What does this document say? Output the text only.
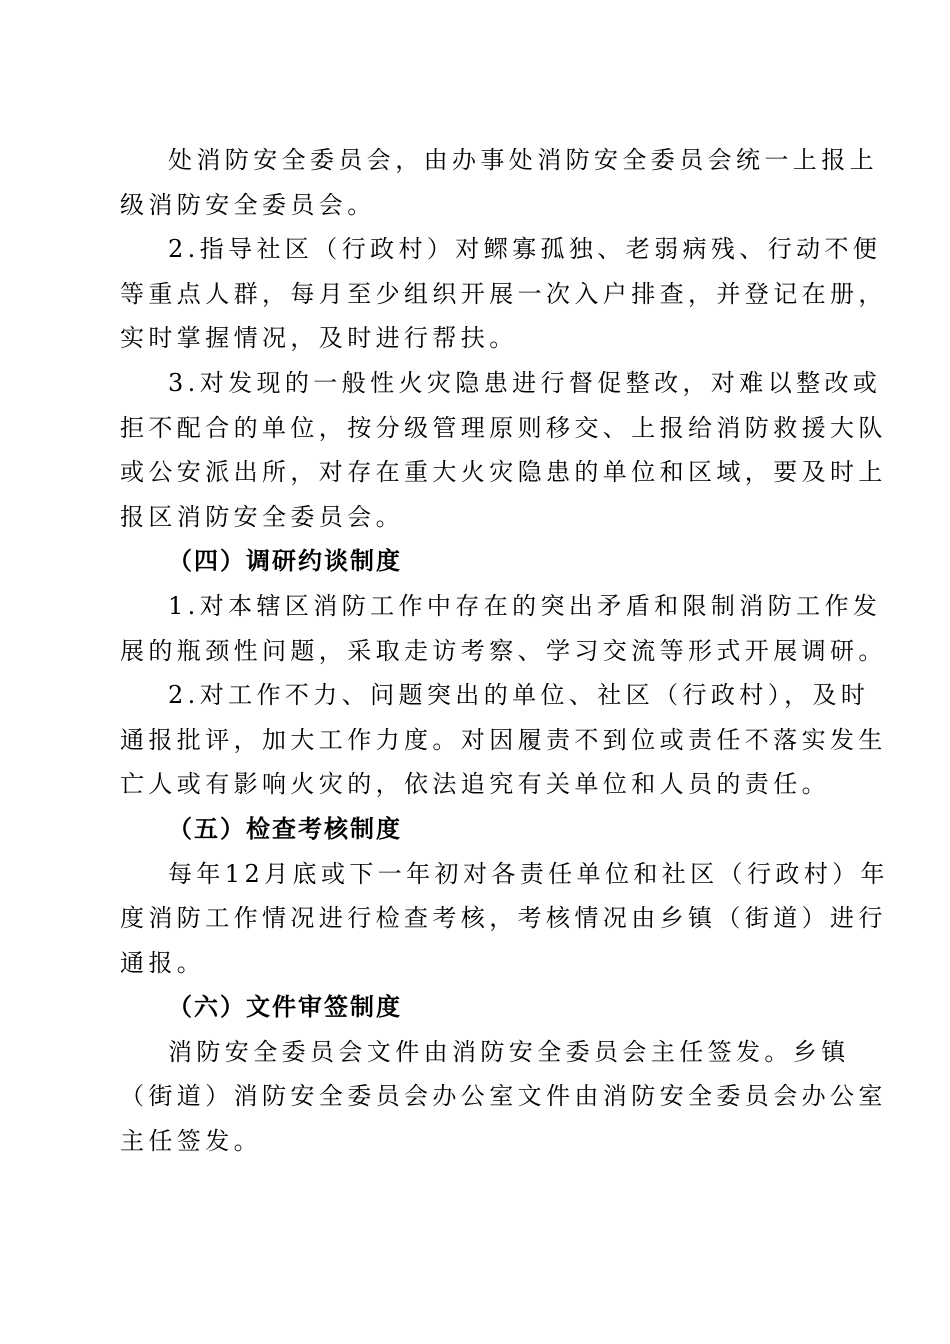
处消防安全委员会，由办事处消防安全委员会统一上报上
级消防安全委员会。

2.指导社区（行政村）对鳏寡孤独、老弱病残、行动不便
等重点人群，每月至少组织开展一次入户排查，并登记在册，
实时掌握情况，及时进行帮扶。

3.对发现的一般性火灾隐患进行督促整改，对难以整改或
拒不配合的单位，按分级管理原则移交、上报给消防救援大队
或公安派出所，对存在重大火灾隐患的单位和区域，要及时上
报区消防安全委员会。

（四）调研约谈制度

1.对本辖区消防工作中存在的突出矛盾和限制消防工作发
展的瓶颈性问题，采取走访考察、学习交流等形式开展调研。

2.对工作不力、问题突出的单位、社区（行政村），及时
通报批评，加大工作力度。对因履责不到位或责任不落实发生
亡人或有影响火灾的，依法追究有关单位和人员的责任。

（五）检查考核制度

每年12月底或下一年初对各责任单位和社区（行政村）年
度消防工作情况进行检查考核，考核情况由乡镇（街道）进行
通报。

（六）文件审签制度

消防安全委员会文件由消防安全委员会主任签发。乡镇
（街道）消防安全委员会办公室文件由消防安全委员会办公室
主任签发。
